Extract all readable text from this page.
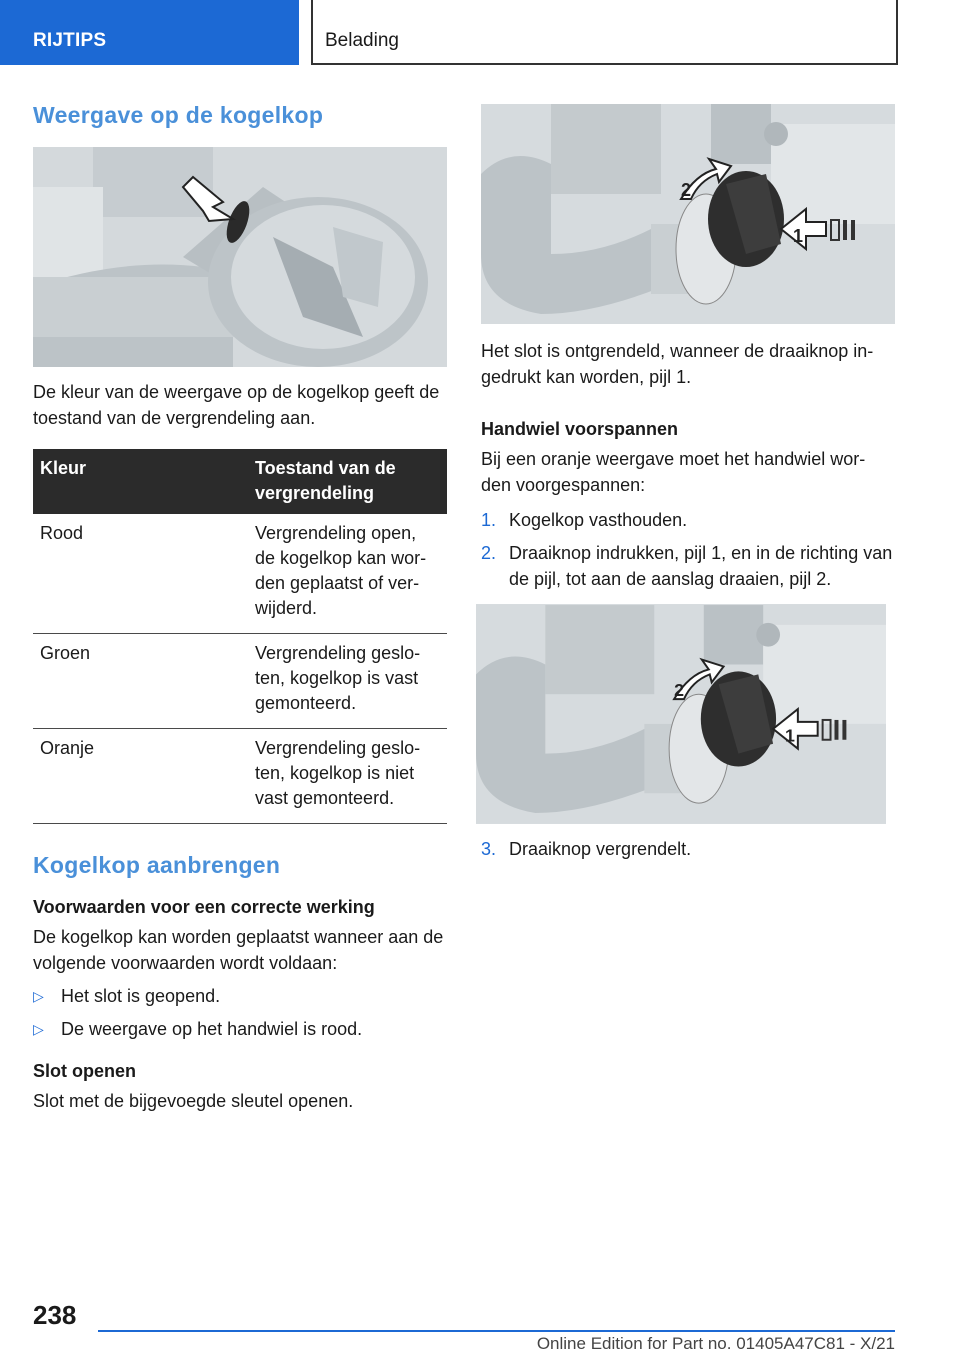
RIJTIPS	Belading
Weergave op de kogelkop

De kleur van de weergave op de kogelkop geeft de toestand van de vergrendeling aan.

Kleur	Toestand van de vergrendeling
Rood	Vergrendeling open, de kogelkop kan wor-den geplaatst of ver-wijderd.
Groen	Vergrendeling geslo-ten, kogelkop is vast gemonteerd.
Oranje	Vergrendeling geslo-ten, kogelkop is niet vast gemonteerd.
Kogelkop aanbrengen
Voorwaarden voor een correcte werking

De kogelkop kan worden geplaatst wanneer aan de volgende voorwaarden wordt voldaan:

▷ Het slot is geopend.
▷ De weergave op het handwiel is rood.
Slot openen

Slot met de bijgevoegde sleutel openen.

2
1

Het slot is ontgrendeld, wanneer de draaiknop in-gedrukt kan worden, pijl 1.

Handwiel voorspannen

Bij een oranje weergave moet het handwiel wor-den voorgespannen:

1. Kogelkop vasthouden.
2. Draaiknop indrukken, pijl 1, en in de richting van de pijl, tot aan de aanslag draaien, pijl 2.
2
1
3. Draaiknop vergrendelt.
238
Online Edition for Part no. 01405A47C81 - X/21
